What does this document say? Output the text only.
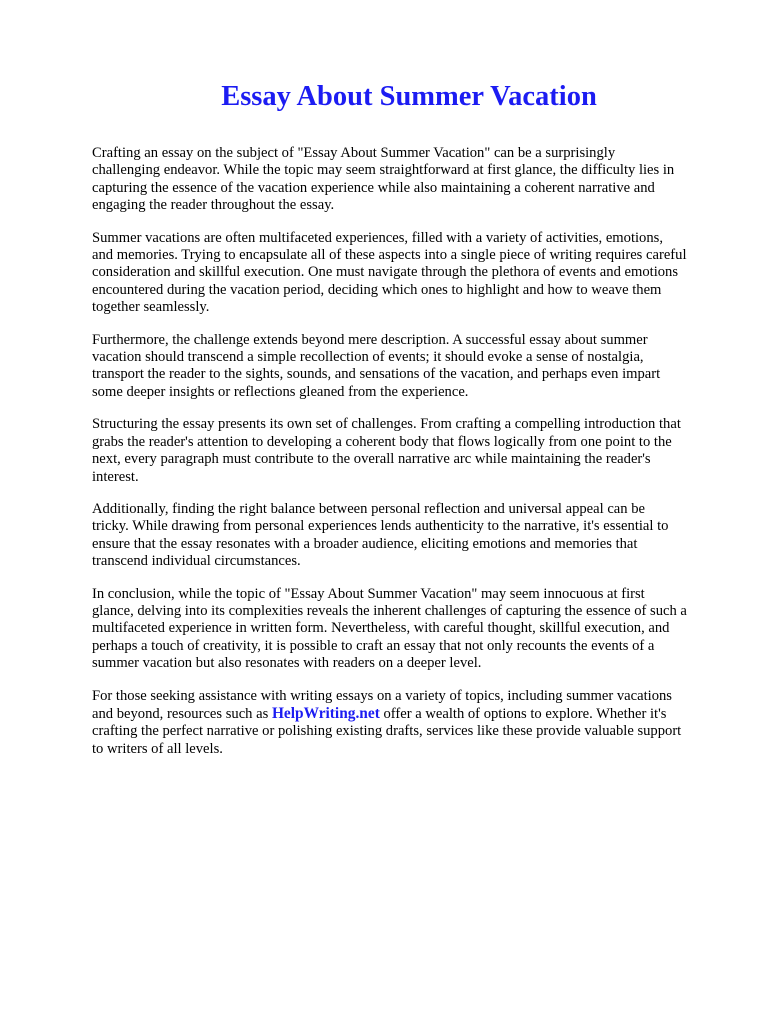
Essay About Summer Vacation

Crafting an essay on the subject of "Essay About Summer Vacation" can be a surprisingly
challenging endeavor. While the topic may seem straightforward at first glance, the difficulty lies in
capturing the essence of the vacation experience while also maintaining a coherent narrative and
engaging the reader throughout the essay.

Summer vacations are often multifaceted experiences, filled with a variety of activities, emotions,
and memories. Trying to encapsulate all of these aspects into a single piece of writing requires careful
consideration and skillful execution. One must navigate through the plethora of events and emotions
encountered during the vacation period, deciding which ones to highlight and how to weave them
together seamlessly.

Furthermore, the challenge extends beyond mere description. A successful essay about summer
vacation should transcend a simple recollection of events; it should evoke a sense of nostalgia,
transport the reader to the sights, sounds, and sensations of the vacation, and perhaps even impart
some deeper insights or reflections gleaned from the experience.

Structuring the essay presents its own set of challenges. From crafting a compelling introduction that
grabs the reader's attention to developing a coherent body that flows logically from one point to the
next, every paragraph must contribute to the overall narrative arc while maintaining the reader's
interest.

Additionally, finding the right balance between personal reflection and universal appeal can be
tricky. While drawing from personal experiences lends authenticity to the narrative, it's essential to
ensure that the essay resonates with a broader audience, eliciting emotions and memories that
transcend individual circumstances.

In conclusion, while the topic of "Essay About Summer Vacation" may seem innocuous at first
glance, delving into its complexities reveals the inherent challenges of capturing the essence of such a
multifaceted experience in written form. Nevertheless, with careful thought, skillful execution, and
perhaps a touch of creativity, it is possible to craft an essay that not only recounts the events of a
summer vacation but also resonates with readers on a deeper level.

For those seeking assistance with writing essays on a variety of topics, including summer vacations
and beyond, resources such as HelpWriting.net offer a wealth of options to explore. Whether it's
crafting the perfect narrative or polishing existing drafts, services like these provide valuable support
to writers of all levels.
